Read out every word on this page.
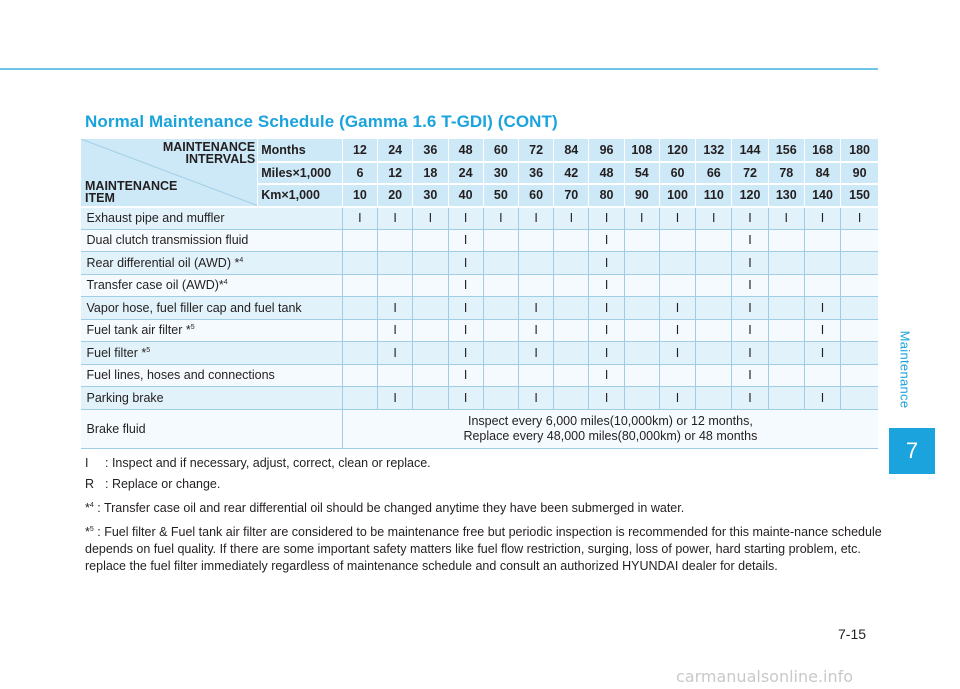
Maintenance
7
Normal Maintenance Schedule (Gamma 1.6 T-GDI) (CONT)
MAINTENANCE
INTERVALS
MAINTENANCE
ITEM	Months	12	24	36	48	60	72	84	96	108	120	132	144	156	168	180
	Miles×1,000	6	12	18	24	30	36	42	48	54	60	66	72	78	84	90
	Km×1,000	10	20	30	40	50	60	70	80	90	100	110	120	130	140	150
Exhaust pipe and muffler		I	I	I	I	I	I	I	I	I	I	I	I	I	I	I
Dual clutch transmission fluid					I				I				I			
Rear differential oil (AWD) *$^4$					I				I				I			
Transfer case oil (AWD)*$^4$					I				I				I			
Vapor hose, fuel filler cap and fuel tank			I		I		I		I		I		I		I	
Fuel tank air filter *$^5$			I		I		I		I		I		I		I	
Fuel filter *$^5$			I		I		I		I		I		I		I	
Fuel lines, hoses and connections					I				I				I			
Parking brake			I		I		I		I		I		I		I	
Brake fluid		Inspect every 6,000 miles(10,000km) or 12 months,
Replace every 48,000 miles(80,000km) or 48 months														
I	: Inspect and if necessary, adjust, correct, clean or replace.
R : Replace or change.
*$^4$ : Transfer case oil and rear differential oil should be changed anytime they have been submerged in water.
*$^5$ : Fuel filter & Fuel tank air filter are considered to be maintenance free but periodic inspection is recommended for this mainte-nance schedule depends on fuel quality. If there are some important safety matters like fuel flow restriction, surging, loss of power, hard starting problem, etc. replace the fuel filter immediately regardless of maintenance schedule and consult an authorized HYUNDAI dealer for details.
7-15
carmanualsonline.info
